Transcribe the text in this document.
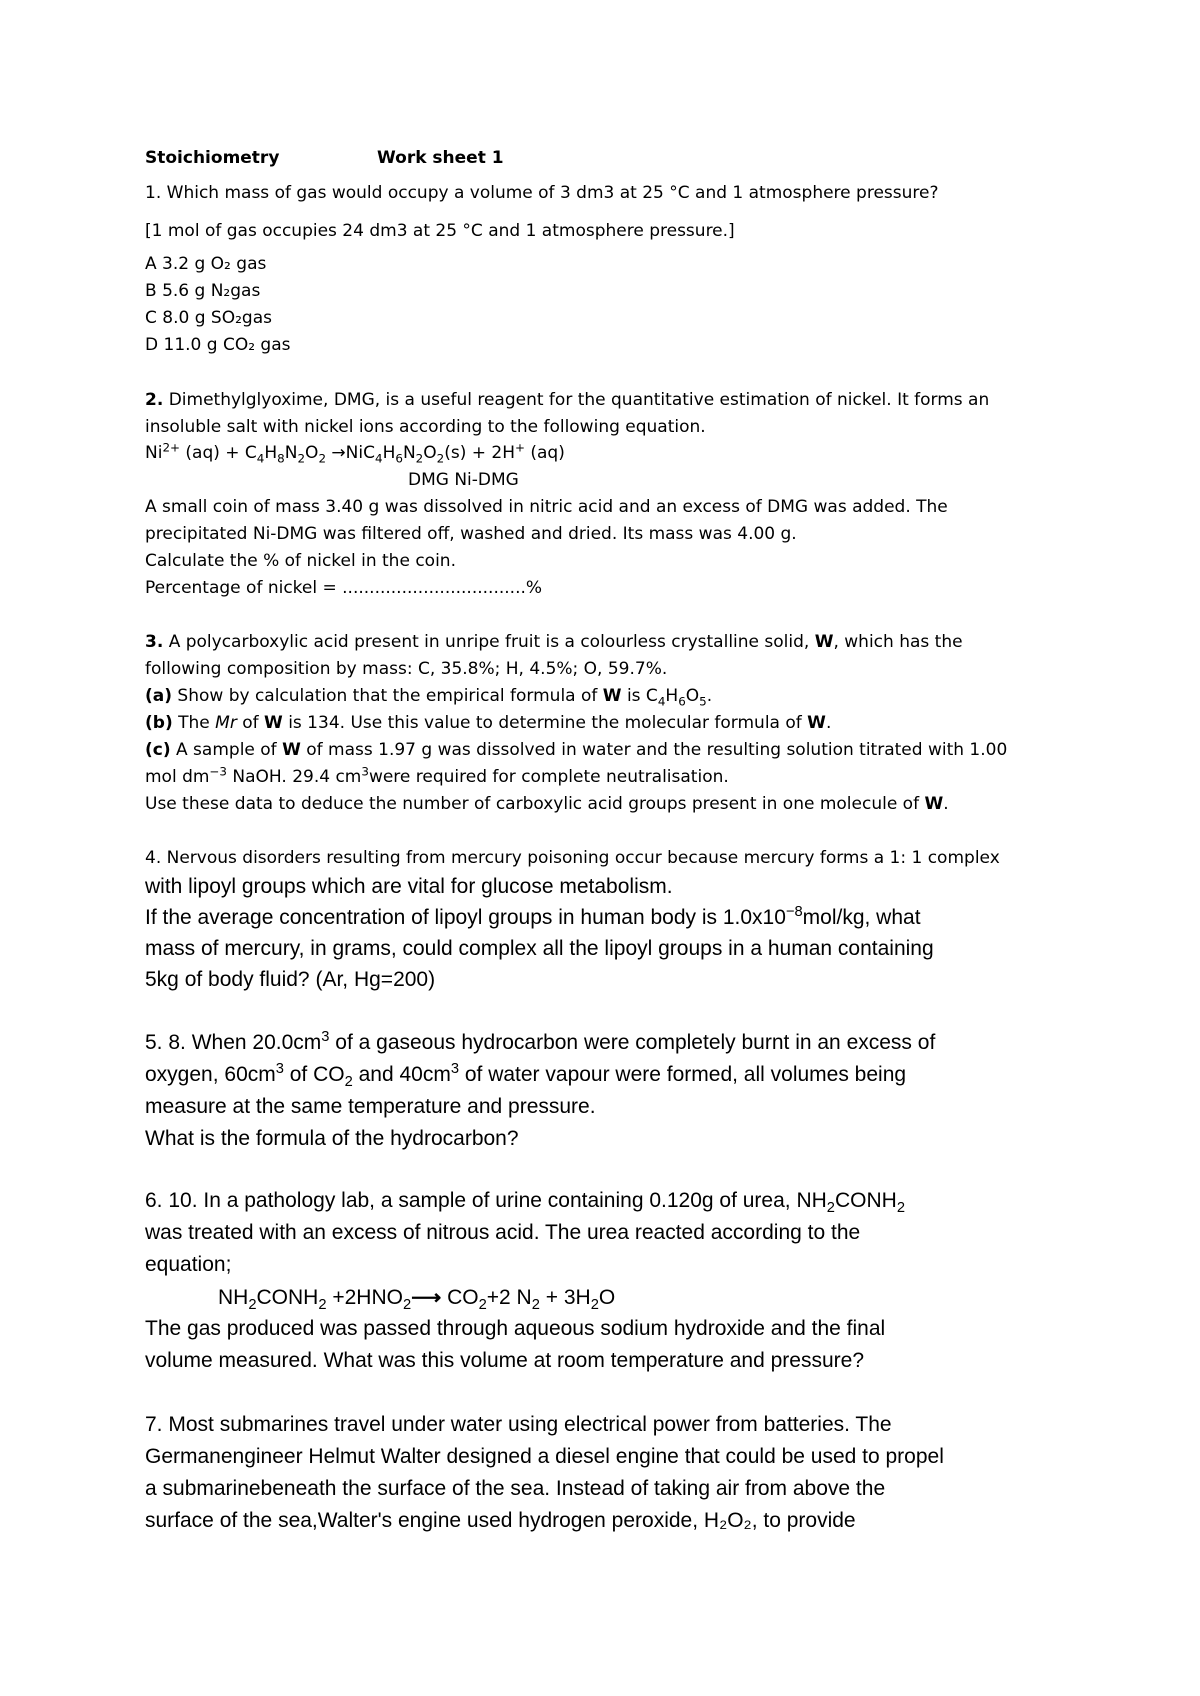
Stoichiometry	Work sheet 1
1. Which mass of gas would occupy a volume of 3 dm3 at 25 °C and 1 atmosphere pressure?
[1 mol of gas occupies 24 dm3 at 25 °C and 1 atmosphere pressure.]
A 3.2 g O₂ gas
B 5.6 g N₂gas
C 8.0 g SO₂gas
D 11.0 g CO₂ gas
2. Dimethylglyoxime, DMG, is a useful reagent for the quantitative estimation of nickel. It forms an
insoluble salt with nickel ions according to the following equation.
$Ni^{2+}$ $(aq) + C_4H_8N_2O_2 \to NiC_4H_6N_2O_2(s) + 2H^+$ (aq)
DMG Ni-DMG
A small coin of mass 3.40 g was dissolved in nitric acid and an excess of DMG was added. The
precipitated Ni-DMG was filtered off, washed and dried. Its mass was 4.00 g.
Calculate the % of nickel in the coin.
Percentage of nickel = ..................................%
3. A polycarboxylic acid present in unripe fruit is a colourless crystalline solid, W, which has the
following composition by mass: C, 35.8%; H, 4.5%; O, 59.7%.
(a) Show by calculation that the empirical formula of W is $C_4H_6O_5$.
(b) The Mr of W is 134. Use this value to determine the molecular formula of W.
(c) A sample of W of mass 1.97 g was dissolved in water and the resulting solution titrated with 1.00
mol $dm^{-3}$ NaOH. 29.4 $cm^3were$ required for complete neutralisation.
Use these data to deduce the number of carboxylic acid groups present in one molecule of W.
4. Nervous disorders resulting from mercury poisoning occur because mercury forms a 1: 1 complex
with lipoyl groups which are vital for glucose metabolism.
If the average concentration of lipoyl groups in human body is $1.0x10^{-8}mol/kg$, what
mass of mercury, in grams, could complex all the lipoyl groups in a human containing
5kg of body fluid? (Ar, Hg=200)
5. 8. When $20.0cm^3$ of a gaseous hydrocarbon were completely burnt in an excess of
oxygen, $60cm^3$ of $CO_2$ and $40cm^3$ of water vapour were formed, all volumes being
measure at the same temperature and pressure.
What is the formula of the hydrocarbon?
6. 10. In a pathology lab, a sample of urine containing 0.120g of urea, $NH_2CONH_2$
was treated with an excess of nitrous acid. The urea reacted according to the
equation;
$NH_2CONH_2$ $+2HNO_2⟶$ $CO_2+2$ $N_2 + 3H_2O$
The gas produced was passed through aqueous sodium hydroxide and the final
volume measured. What was this volume at room temperature and pressure?
7. Most submarines travel under water using electrical power from batteries. The
Germanengineer Helmut Walter designed a diesel engine that could be used to propel
a submarinebeneath the surface of the sea. Instead of taking air from above the
surface of the sea,Walter's engine used hydrogen peroxide, H₂O₂, to provide
